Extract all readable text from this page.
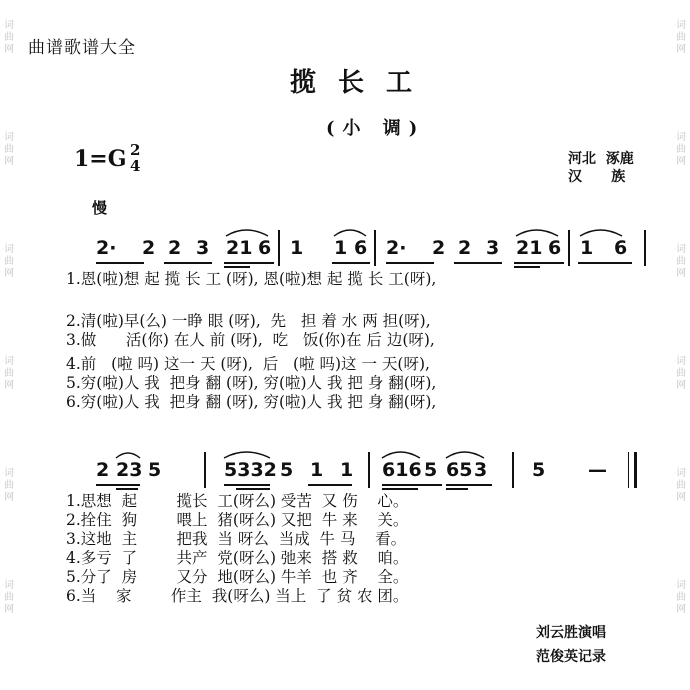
词
曲
网
词
曲
网
词
曲
网
词
曲
网
词
曲
网
词
曲
网
词
曲
网
词
曲
网
词
曲
网
词
曲
网
词
曲
网
词
曲
网
曲谱歌谱大全
揽长工
(小 调)
1=G 2
4	河北  涿鹿
汉      族
慢
2· 2 2 3 21 6 1 1 6 2· 2 2 3 21 6 1 6
1.恩(啦)想 起 揽 长 工 (呀), 恩(啦)想 起 揽 长 工(呀),
2.清(啦)早(么) 一睁 眼 (呀),  先   担 着 水 两 担(呀),
3.做      活(你) 在人 前 (呀),  吃   饭(你)在 后 边(呀),
4.前   (啦 吗) 这一 天 (呀),  后   (啦 吗)这 一 天(呀),
5.穷(啦)人 我  把身 翻 (呀), 穷(啦)人 我 把 身 翻(呀),
6.穷(啦)人 我  把身 翻 (呀), 穷(啦)人 我 把 身 翻(呀),
2 23 5	5332 5 1 1 616 5 65 3 5 —
1.思想  起        揽长  工(呀么) 受苦  又 伤    心。
2.拴住  狗        喂上  猪(呀么) 又把  牛 来    关。
3.这地  主        把我  当 呀么  当成  牛 马    看。
4.多亏  了        共产  党(呀么) 弛来  搭 救    咱。
5.分了  房        又分  地(呀么) 牛羊  也 齐    全。
6.当    家        作主  我(呀么) 当上  了 贫 农 团。
刘云胜演唱
范俊英记录
